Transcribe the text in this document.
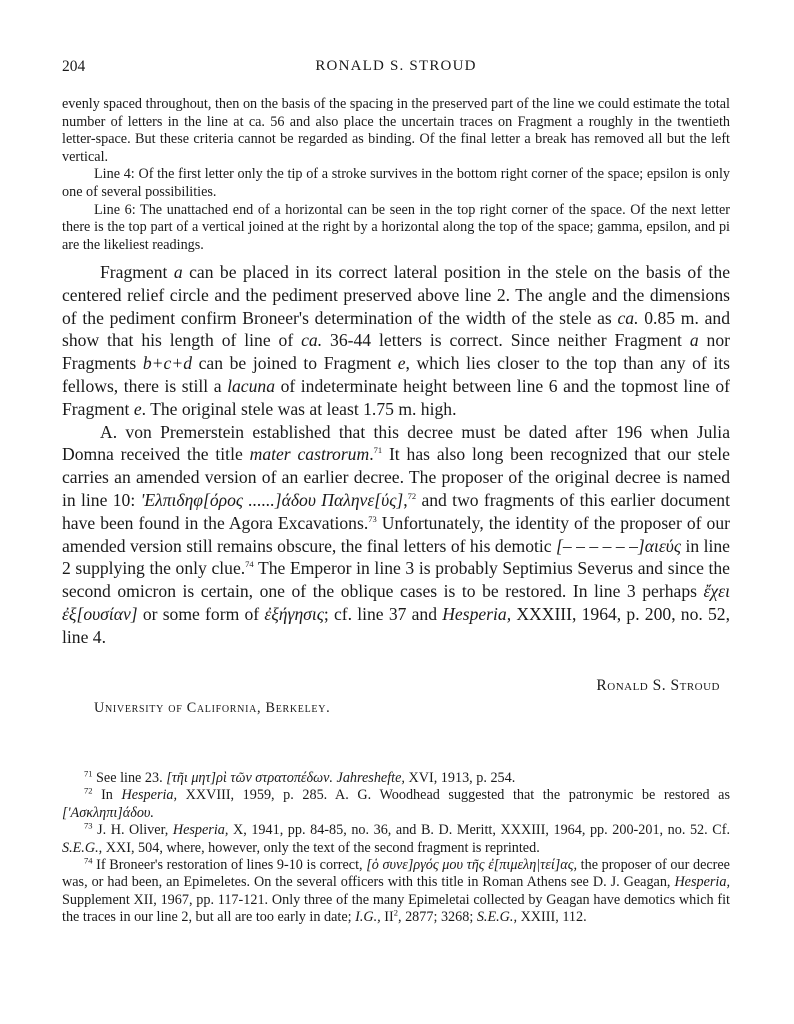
204	RONALD S. STROUD

evenly spaced throughout, then on the basis of the spacing in the preserved part of the line we could estimate the total number of letters in the line at ca. 56 and also place the uncertain traces on Fragment a roughly in the twentieth letter-space. But these criteria cannot be regarded as binding. Of the final letter a break has removed all but the left vertical.

Line 4: Of the first letter only the tip of a stroke survives in the bottom right corner of the space; epsilon is only one of several possibilities.

Line 6: The unattached end of a horizontal can be seen in the top right corner of the space. Of the next letter there is the top part of a vertical joined at the right by a horizontal along the top of the space; gamma, epsilon, and pi are the likeliest readings.

Fragment a can be placed in its correct lateral position in the stele on the basis of the centered relief circle and the pediment preserved above line 2. The angle and the dimensions of the pediment confirm Broneer's determination of the width of the stele as ca. 0.85 m. and show that his length of line of ca. 36-44 letters is correct. Since neither Fragment a nor Fragments b+c+d can be joined to Fragment e, which lies closer to the top than any of its fellows, there is still a lacuna of indeterminate height between line 6 and the topmost line of Fragment e. The original stele was at least 1.75 m. high.

A. von Premerstein established that this decree must be dated after 196 when Julia Domna received the title mater castrorum.$^{71}$ It has also long been recognized that our stele carries an amended version of an earlier decree. The proposer of the original decree is named in line 10: 'Ελπιδηφ[όρος ......]άδου Παληνε[ύς],$^{72}$ and two fragments of this earlier document have been found in the Agora Excavations.$^{73}$ Unfortunately, the identity of the proposer of our amended version still remains obscure, the final letters of his demotic [– – – – – –]αιεύς in line 2 supplying the only clue.$^{74}$ The Emperor in line 3 is probably Septimius Severus and since the second omicron is certain, one of the oblique cases is to be restored. In line 3 perhaps ἔχει ἐξ[ουσίαν] or some form of ἐξήγησις; cf. line 37 and Hesperia, XXXIII, 1964, p. 200, no. 52, line 4.

Ronald S. Stroud
University of California, Berkeley.

$^{71}$ See line 23. [τῆι μητ]ρὶ τῶν στρατοπέδων. Jahreshefte, XVI, 1913, p. 254.

$^{72}$ In Hesperia, XXVIII, 1959, p. 285. A. G. Woodhead suggested that the patronymic be restored as ['Ασκληπι]άδου.

$^{73}$ J. H. Oliver, Hesperia, X, 1941, pp. 84-85, no. 36, and B. D. Meritt, XXXIII, 1964, pp. 200-201, no. 52. Cf. S.E.G., XXI, 504, where, however, only the text of the second fragment is reprinted.

$^{74}$ If Broneer's restoration of lines 9-10 is correct, [ὁ συνε]ργός μου τῆς ἐ[πιμελη|τεί]ας, the proposer of our decree was, or had been, an Epimeletes. On the several officers with this title in Roman Athens see D. J. Geagan, Hesperia, Supplement XII, 1967, pp. 117-121. Only three of the many Epimeletai collected by Geagan have demotics which fit the traces in our line 2, but all are too early in date; I.G., $II^2$, 2877; 3268; S.E.G., XXIII, 112.
